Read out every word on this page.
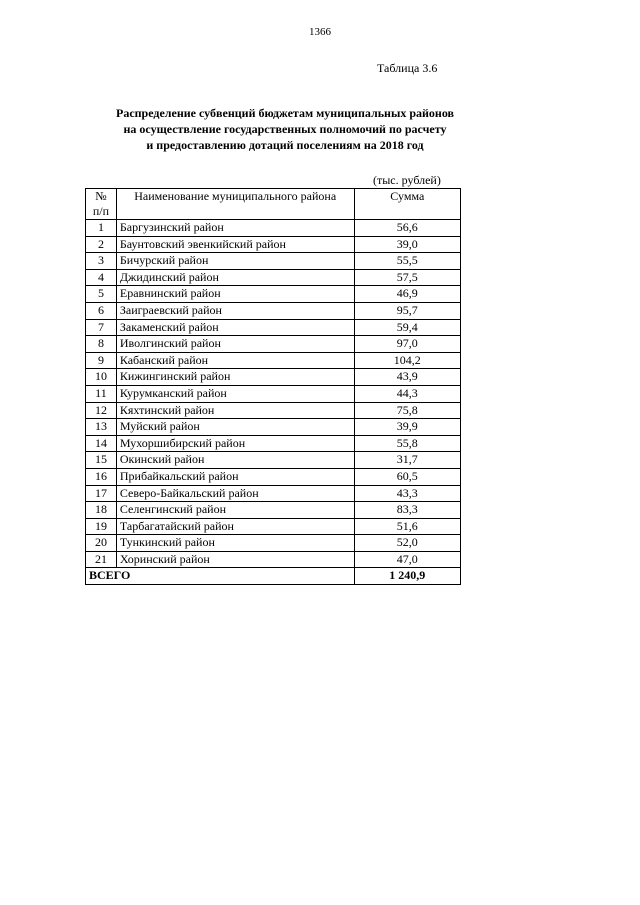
1366
Таблица 3.6
Распределение субвенций бюджетам муниципальных районов
на осуществление государственных полномочий по расчету
и предоставлению дотаций поселениям на 2018 год
(тыс. рублей)
№
п/п	Наименование муниципального района	Сумма
1	Баргузинский район	56,6
2	Баунтовский эвенкийский район	39,0
3	Бичурский район	55,5
4	Джидинский район	57,5
5	Еравнинский район	46,9
6	Заиграевский район	95,7
7	Закаменский район	59,4
8	Иволгинский район	97,0
9	Кабанский район	104,2
10	Кижингинский район	43,9
11	Курумканский район	44,3
12	Кяхтинский район	75,8
13	Муйский район	39,9
14	Мухоршибирский район	55,8
15	Окинский район	31,7
16	Прибайкальский район	60,5
17	Северо-Байкальский район	43,3
18	Селенгинский район	83,3
19	Тарбагатайский район	51,6
20	Тункинский район	52,0
21	Хоринский район	47,0
ВСЕГО		1 240,9
